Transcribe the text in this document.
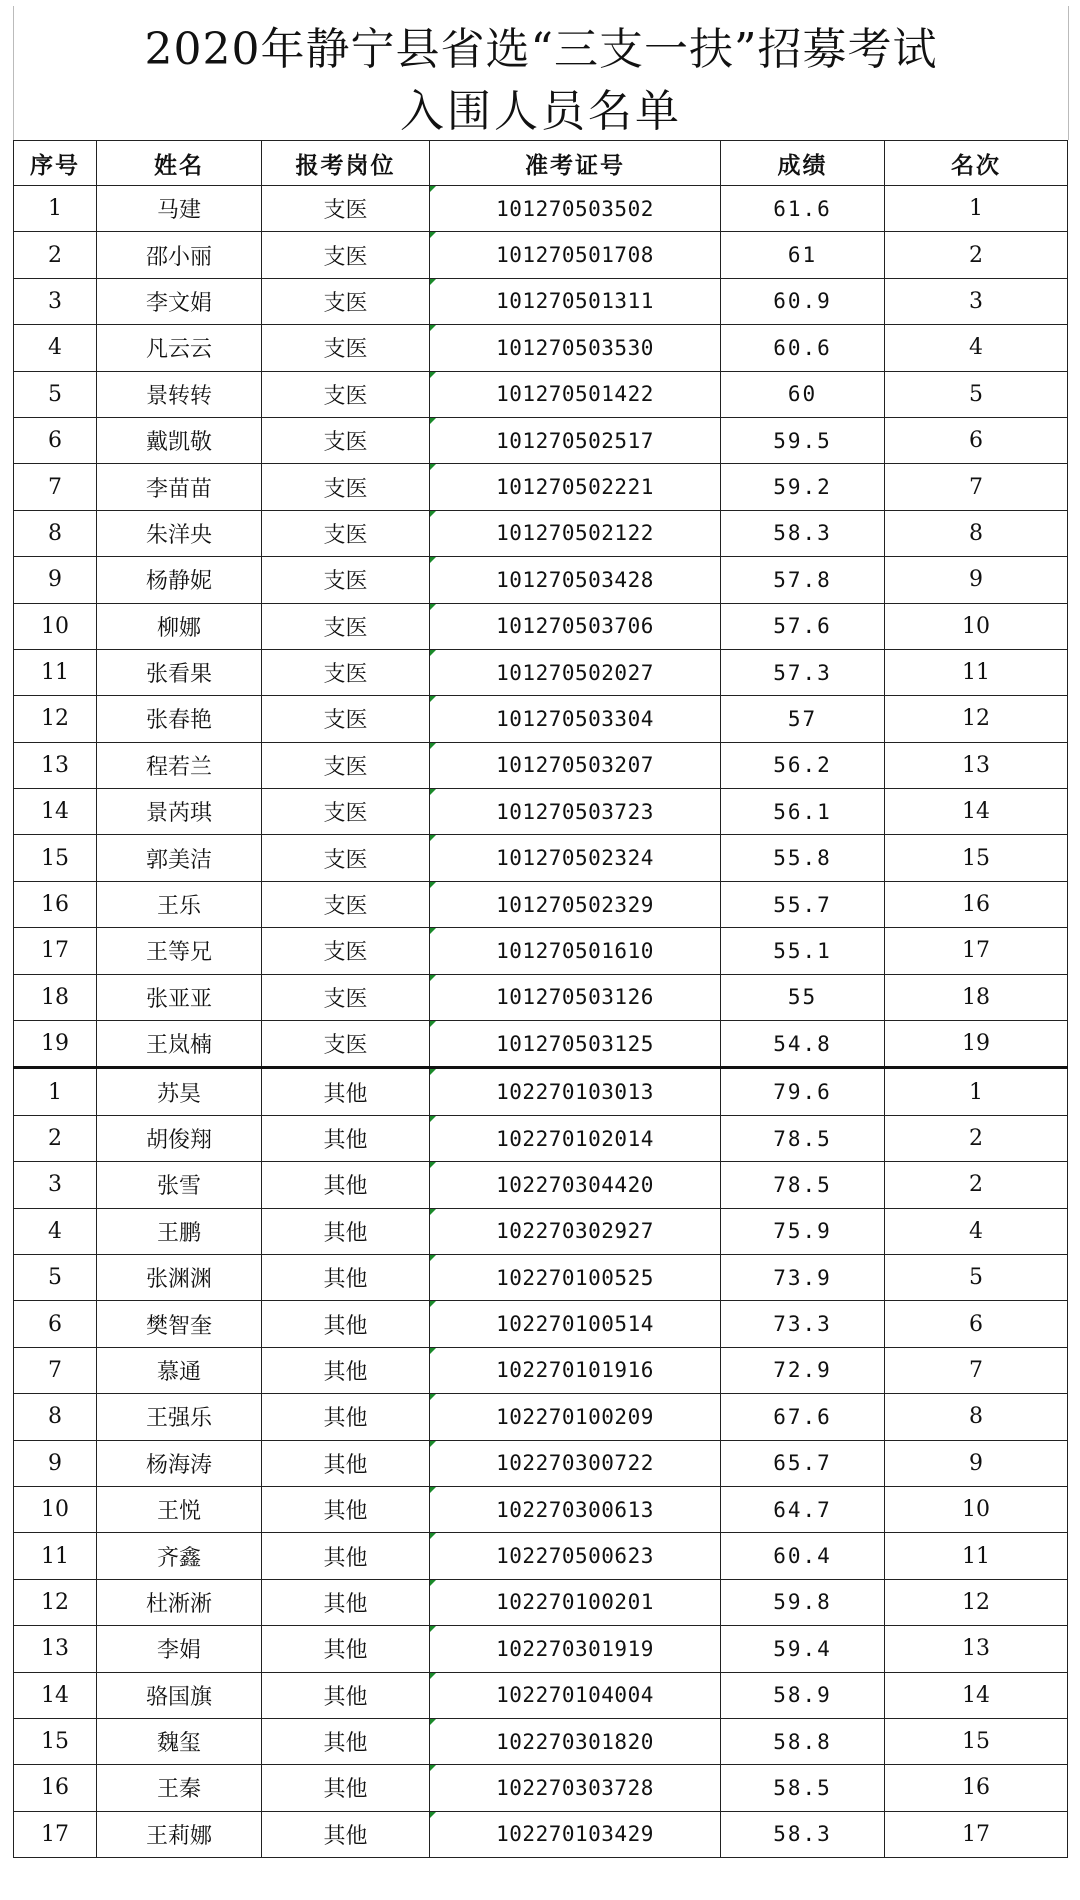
2020年静宁县省选“三支一扶”招募考试
入围人员名单
序号	姓名	报考岗位	准考证号	成绩	名次
1	马建	支医	101270503502	61.6	1
2	邵小丽	支医	101270501708	61	2
3	李文娟	支医	101270501311	60.9	3
4	凡云云	支医	101270503530	60.6	4
5	景转转	支医	101270501422	60	5
6	戴凯敬	支医	101270502517	59.5	6
7	李苗苗	支医	101270502221	59.2	7
8	朱洋央	支医	101270502122	58.3	8
9	杨静妮	支医	101270503428	57.8	9
10	柳娜	支医	101270503706	57.6	10
11	张看果	支医	101270502027	57.3	11
12	张春艳	支医	101270503304	57	12
13	程若兰	支医	101270503207	56.2	13
14	景芮琪	支医	101270503723	56.1	14
15	郭美洁	支医	101270502324	55.8	15
16	王乐	支医	101270502329	55.7	16
17	王等兄	支医	101270501610	55.1	17
18	张亚亚	支医	101270503126	55	18
19	王岚楠	支医	101270503125	54.8	19
1	苏昊	其他	102270103013	79.6	1
2	胡俊翔	其他	102270102014	78.5	2
3	张雪	其他	102270304420	78.5	2
4	王鹏	其他	102270302927	75.9	4
5	张渊渊	其他	102270100525	73.9	5
6	樊智奎	其他	102270100514	73.3	6
7	慕通	其他	102270101916	72.9	7
8	王强乐	其他	102270100209	67.6	8
9	杨海涛	其他	102270300722	65.7	9
10	王悦	其他	102270300613	64.7	10
11	齐鑫	其他	102270500623	60.4	11
12	杜淅淅	其他	102270100201	59.8	12
13	李娟	其他	102270301919	59.4	13
14	骆国旗	其他	102270104004	58.9	14
15	魏玺	其他	102270301820	58.8	15
16	王秦	其他	102270303728	58.5	16
17	王莉娜	其他	102270103429	58.3	17
